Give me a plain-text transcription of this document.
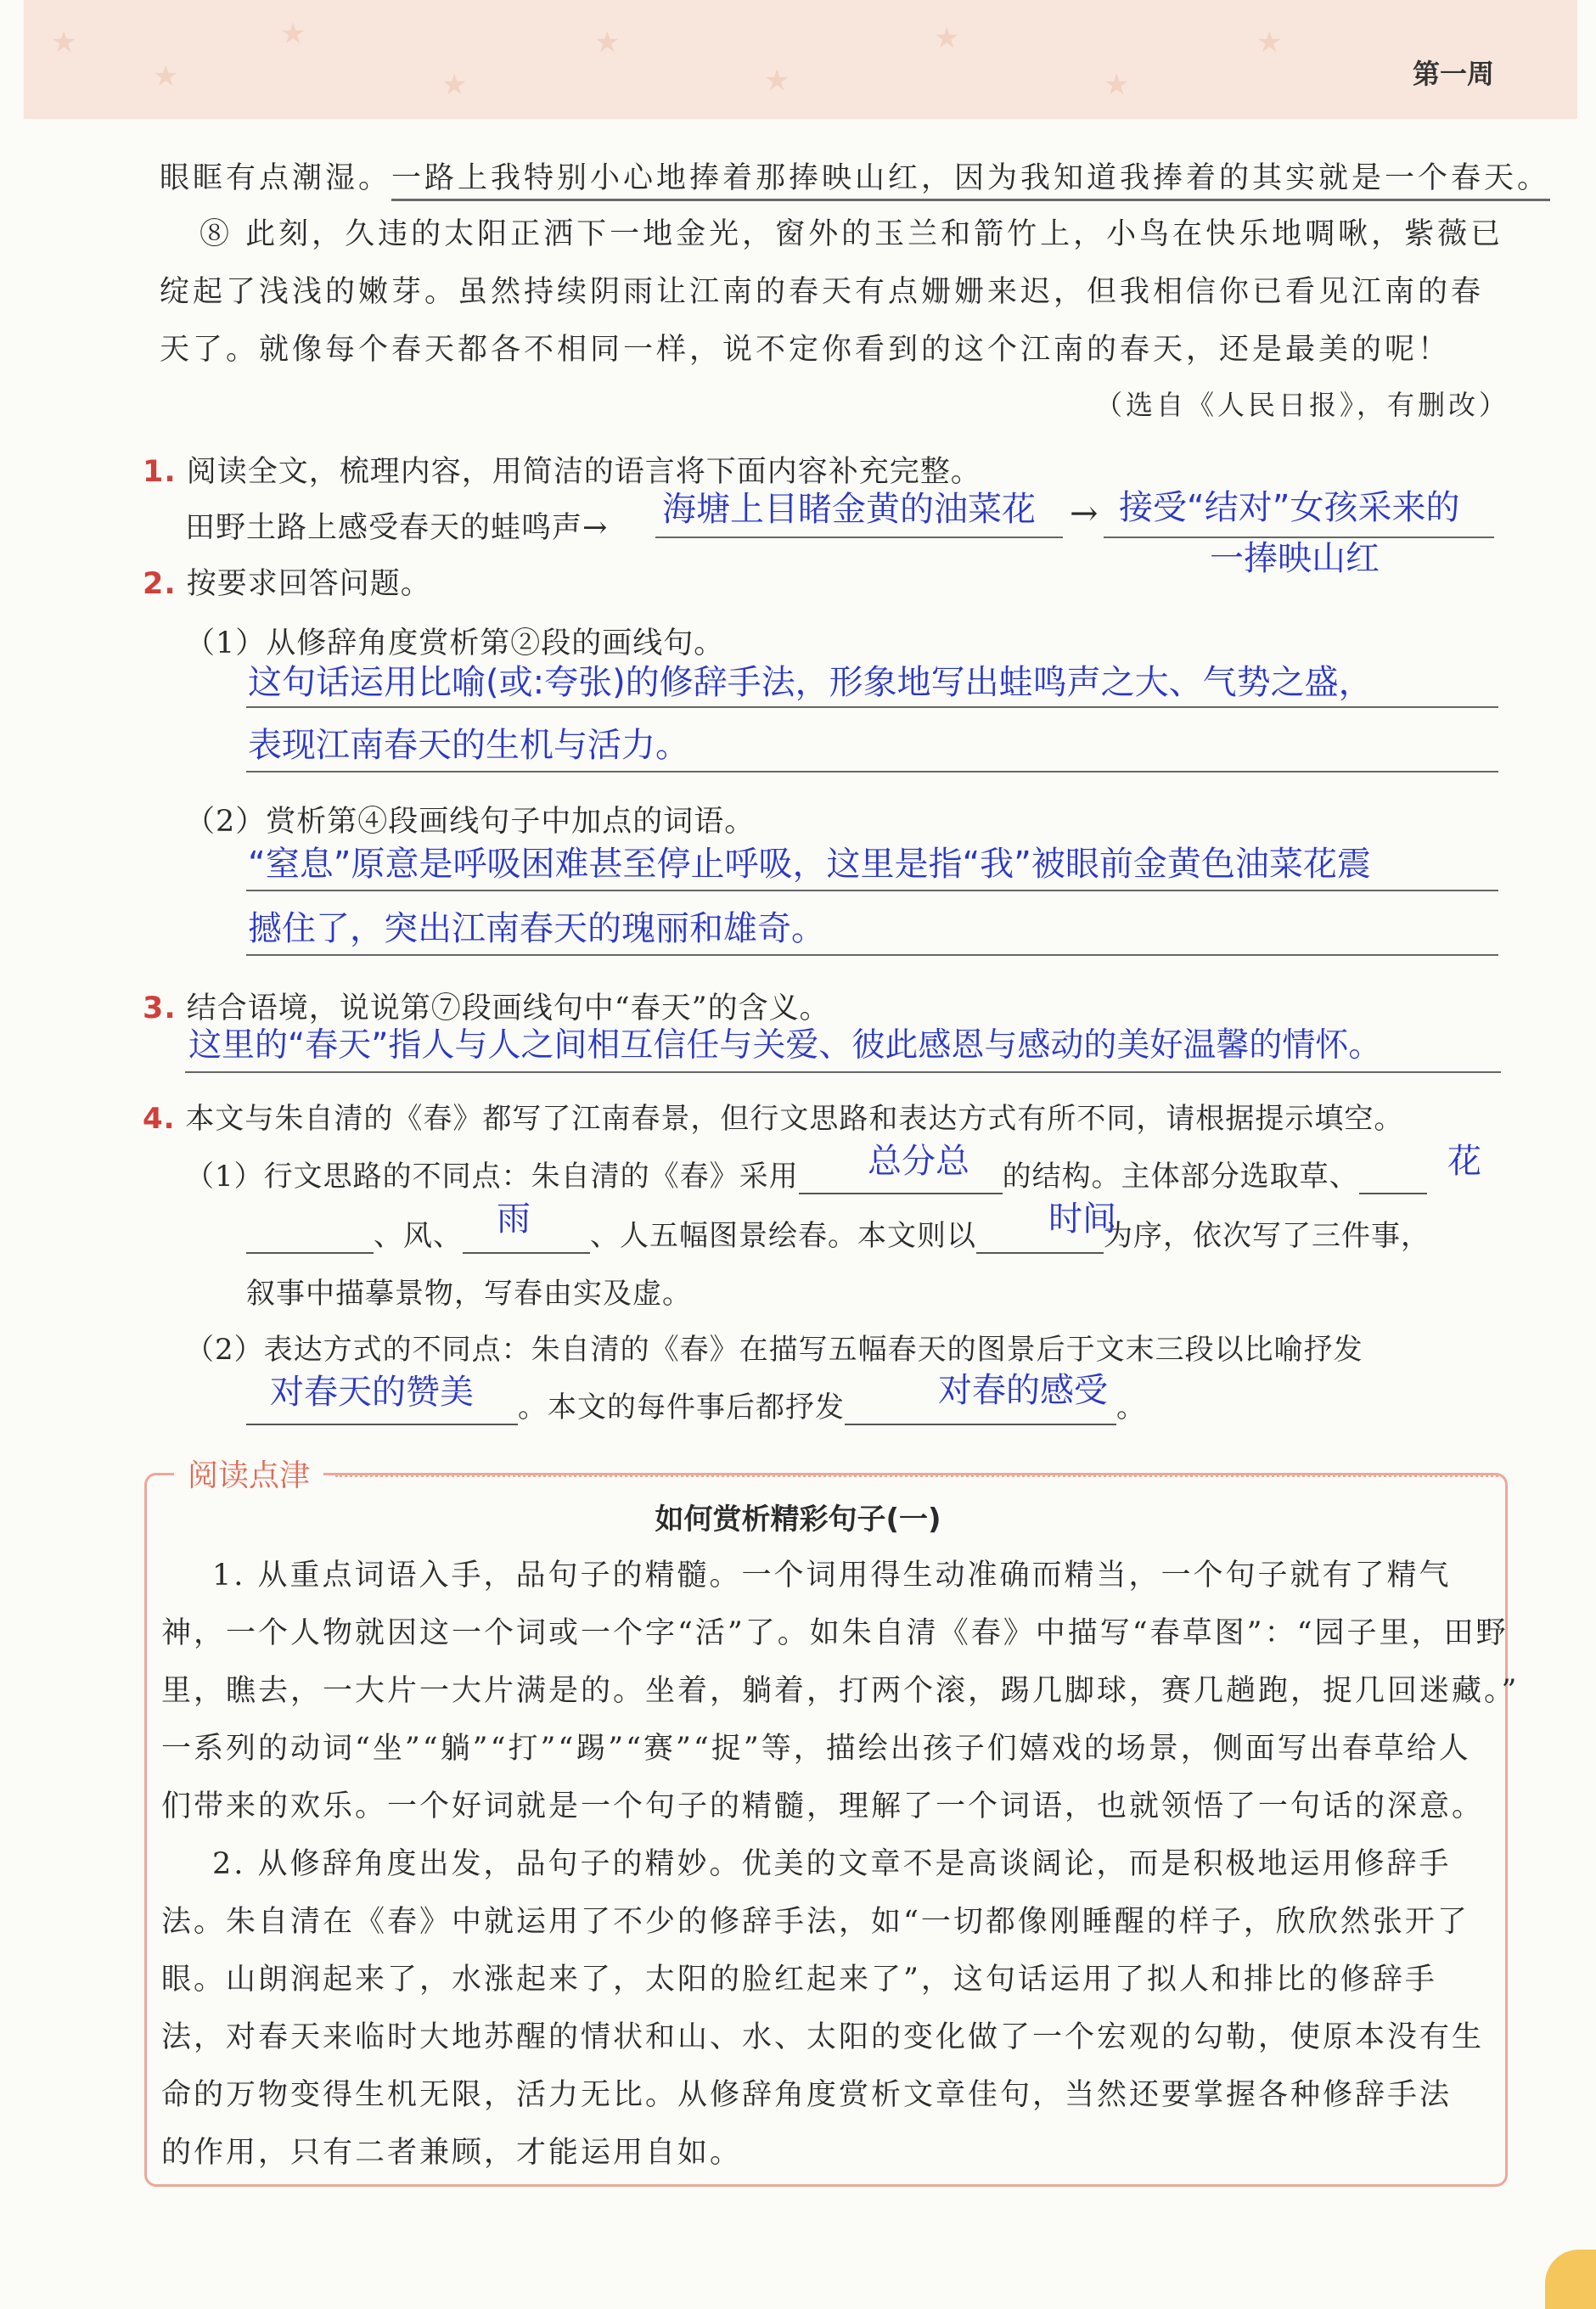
★
★
★
★
★
★
★
★
★
第一周
眼眶有点潮湿。一路上我特别小心地捧着那捧映山红，因为我知道我捧着的其实就是一个春天。
⑧ 此刻，久违的太阳正洒下一地金光，窗外的玉兰和箭竹上，小鸟在快乐地啁啾，紫薇已
绽起了浅浅的嫩芽。虽然持续阴雨让江南的春天有点姗姗来迟，但我相信你已看见江南的春
天了。就像每个春天都各不相同一样，说不定你看到的这个江南的春天，还是最美的呢！
（选自《人民日报》，有删改）
1. 阅读全文，梳理内容，用简洁的语言将下面内容补充完整。
田野土路上感受春天的蛙鸣声→ 海塘上目睹金黄的油菜花 → 接受“结对”女孩采来的
一捧映山红
2. 按要求回答问题。
（1）从修辞角度赏析第②段的画线句。
这句话运用比喻(或:夸张)的修辞手法，形象地写出蛙鸣声之大、气势之盛，
表现江南春天的生机与活力。
（2）赏析第④段画线句子中加点的词语。
“窒息”原意是呼吸困难甚至停止呼吸，这里是指“我”被眼前金黄色油菜花震
撼住了，突出江南春天的瑰丽和雄奇。
3. 结合语境，说说第⑦段画线句中“春天”的含义。
这里的“春天”指人与人之间相互信任与关爱、彼此感恩与感动的美好温馨的情怀。
4. 本文与朱自清的《春》都写了江南春景，但行文思路和表达方式有所不同，请根据提示填空。
（1）行文思路的不同点：朱自清的《春》采用	的结构。主体部分选取草、
总分总	花
、风、	、人五幅图景绘春。本文则以	为序，依次写了三件事，
雨	时间
叙事中描摹景物，写春由实及虚。
（2）表达方式的不同点：朱自清的《春》在描写五幅春天的图景后于文末三段以比喻抒发
。本文的每件事后都抒发	。
对春天的赞美	对春的感受
阅读点津
如何赏析精彩句子(一)
1. 从重点词语入手，品句子的精髓。一个词用得生动准确而精当，一个句子就有了精气
神，一个人物就因这一个词或一个字“活”了。如朱自清《春》中描写“春草图”：“园子里，田野
里，瞧去，一大片一大片满是的。坐着，躺着，打两个滚，踢几脚球，赛几趟跑，捉几回迷藏。”
一系列的动词“坐”“躺”“打”“踢”“赛”“捉”等，描绘出孩子们嬉戏的场景，侧面写出春草给人
们带来的欢乐。一个好词就是一个句子的精髓，理解了一个词语，也就领悟了一句话的深意。
2. 从修辞角度出发，品句子的精妙。优美的文章不是高谈阔论，而是积极地运用修辞手
法。朱自清在《春》中就运用了不少的修辞手法，如“一切都像刚睡醒的样子，欣欣然张开了
眼。山朗润起来了，水涨起来了，太阳的脸红起来了”，这句话运用了拟人和排比的修辞手
法，对春天来临时大地苏醒的情状和山、水、太阳的变化做了一个宏观的勾勒，使原本没有生
命的万物变得生机无限，活力无比。从修辞角度赏析文章佳句，当然还要掌握各种修辞手法
的作用，只有二者兼顾，才能运用自如。
